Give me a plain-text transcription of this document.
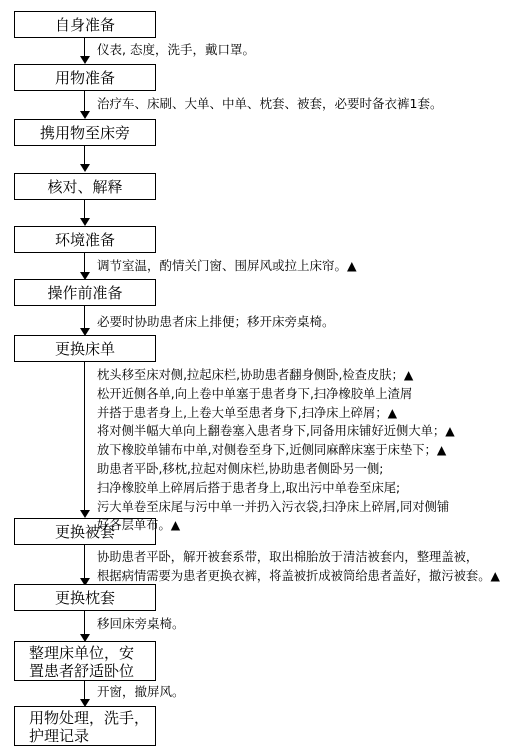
自身准备
用物准备
携用物至床旁
核对、解释
环境准备
操作前准备
更换床单
更换被套
更换枕套
整理床单位，安
置患者舒适卧位
用物处理，洗手，
护理记录
仪表, 态度，洗手，戴口罩。
治疗车、床刷、大单、中单、枕套、被套，必要时备衣裤1套。
调节室温，酌情关门窗、围屏风或拉上床帘。▲
必要时协助患者床上排便；移开床旁桌椅。
枕头移至床对侧,拉起床栏,协助患者翻身侧卧,检查皮肤；▲
松开近侧各单,向上卷中单塞于患者身下,扫净橡胶单上渣屑
并搭于患者身上,上卷大单至患者身下,扫净床上碎屑；▲
将对侧半幅大单向上翻卷塞入患者身下,同备用床铺好近侧大单；▲
放下橡胶单铺布中单,对侧卷至身下,近侧同麻醉床塞于床垫下；▲
助患者平卧,移枕,拉起对侧床栏,协助患者侧卧另一侧;
扫净橡胶单上碎屑后搭于患者身上,取出污中单卷至床尾;
污大单卷至床尾与污中单一并扔入污衣袋,扫净床上碎屑,同对侧铺
好各层单布。▲
协助患者平卧，解开被套系带，取出棉胎放于清洁被套内，整理盖被，
根据病情需要为患者更换衣裤，将盖被折成被筒给患者盖好，撤污被套。▲
移回床旁桌椅。
开窗，撤屏风。
